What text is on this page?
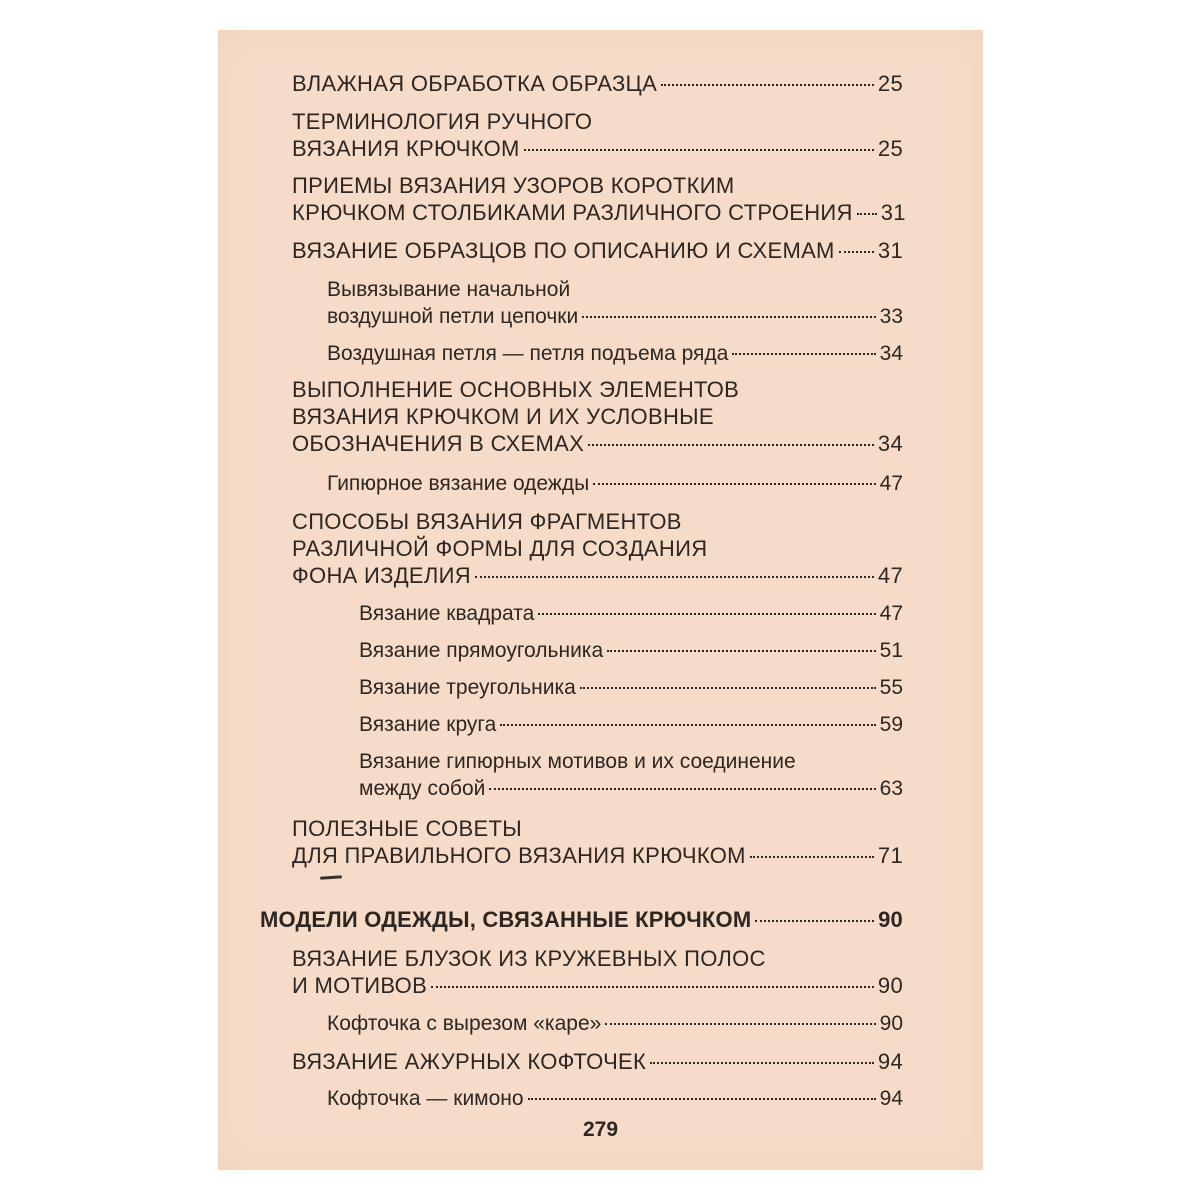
ВЛАЖНАЯ ОБРАБОТКА ОБРАЗЦА	25
ТЕРМИНОЛОГИЯ РУЧНОГО
ВЯЗАНИЯ КРЮЧКОМ	25
ПРИЕМЫ ВЯЗАНИЯ УЗОРОВ КОРОТКИМ
КРЮЧКОМ СТОЛБИКАМИ РАЗЛИЧНОГО СТРОЕНИЯ 31
ВЯЗАНИЕ ОБРАЗЦОВ ПО ОПИСАНИЮ И СХЕМАМ 31
Вывязывание начальной
воздушной петли цепочки	33
Воздушная петля — петля подъема ряда	34
ВЫПОЛНЕНИЕ ОСНОВНЫХ ЭЛЕМЕНТОВ
ВЯЗАНИЯ КРЮЧКОМ И ИХ УСЛОВНЫЕ
ОБОЗНАЧЕНИЯ В СХЕМАХ	34
Гипюрное вязание одежды	47
СПОСОБЫ ВЯЗАНИЯ ФРАГМЕНТОВ
РАЗЛИЧНОЙ ФОРМЫ ДЛЯ СОЗДАНИЯ
ФОНА ИЗДЕЛИЯ	47
Вязание квадрата	47
Вязание прямоугольника	51
Вязание треугольника	55
Вязание круга	59
Вязание гипюрных мотивов и их соединение
между собой	63
ПОЛЕЗНЫЕ СОВЕТЫ
ДЛЯ ПРАВИЛЬНОГО ВЯЗАНИЯ КРЮЧКОМ	71
МОДЕЛИ ОДЕЖДЫ, СВЯЗАННЫЕ КРЮЧКОМ	90
ВЯЗАНИЕ БЛУЗОК ИЗ КРУЖЕВНЫХ ПОЛОС
И МОТИВОВ	90
Кофточка с вырезом «каре»	90
ВЯЗАНИЕ АЖУРНЫХ КОФТОЧЕК	94
Кофточка — кимоно	94
279
